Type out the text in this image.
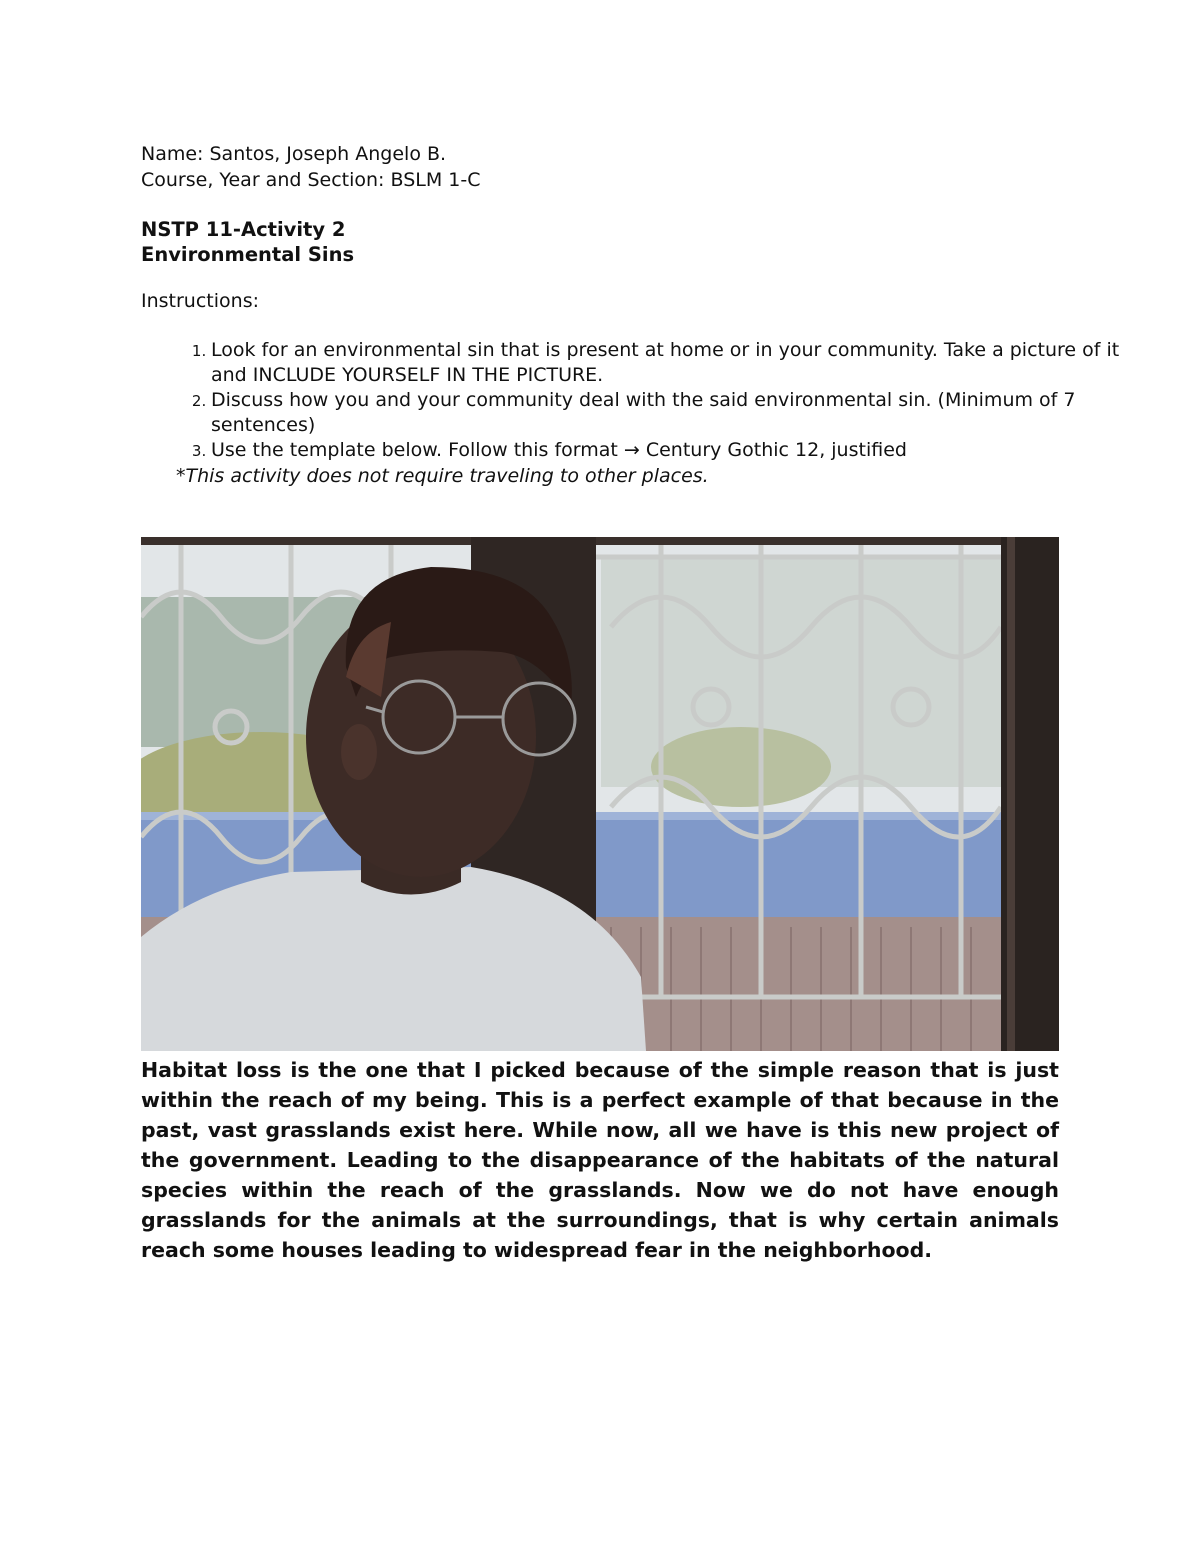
Name: Santos, Joseph Angelo B.
Course, Year and Section: BSLM 1-C
NSTP 11-Activity 2
Environmental Sins
Instructions:
1. Look for an environmental sin that is present at home or in your community. Take a picture of it and INCLUDE YOURSELF IN THE PICTURE.
2. Discuss how you and your community deal with the said environmental sin. (Minimum of 7 sentences)
3. Use the template below. Follow this format → Century Gothic 12, justified
*This activity does not require traveling to other places.

Habitat loss is the one that I picked because of the simple reason that is just within the reach of my being. This is a perfect example of that because in the past, vast grasslands exist here. While now, all we have is this new project of the government. Leading to the disappearance of the habitats of the natural species within the reach of the grasslands. Now we do not have enough grasslands for the animals at the surroundings, that is why certain animals reach some houses leading to widespread fear in the neighborhood.
